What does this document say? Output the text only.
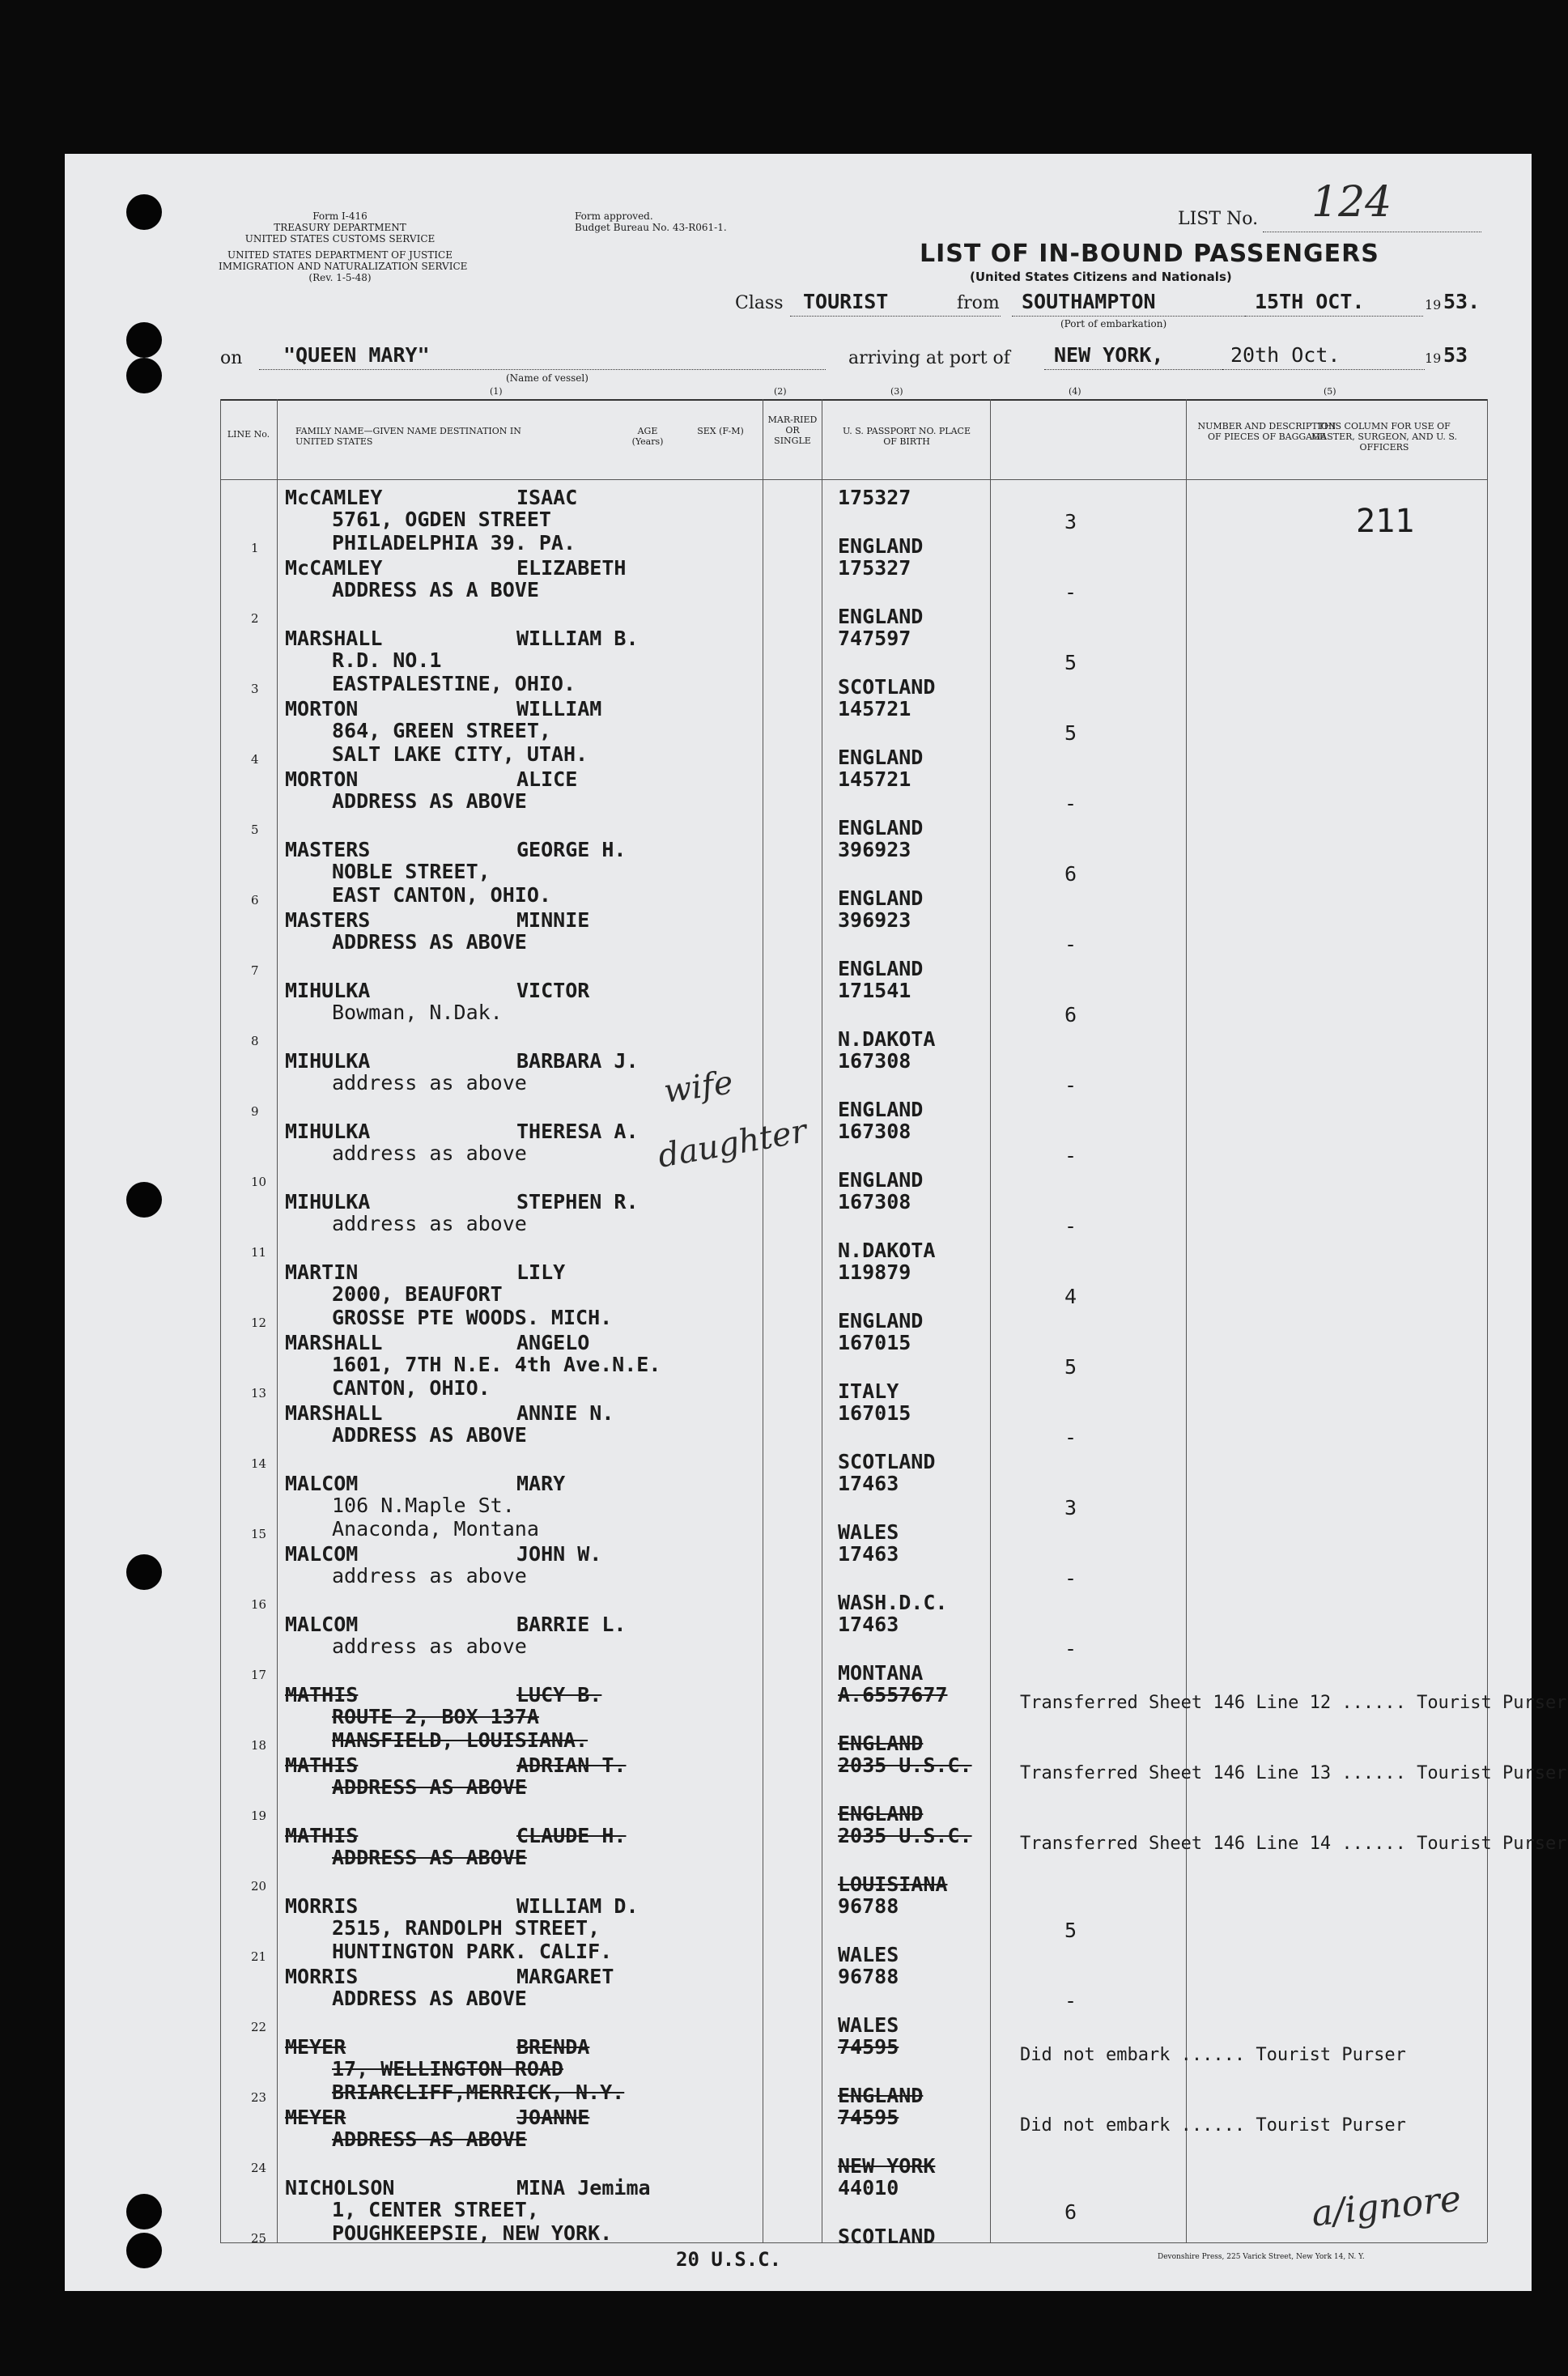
Form I-416
TREASURY DEPARTMENT
UNITED STATES CUSTOMS SERVICE
UNITED STATES DEPARTMENT OF JUSTICE
IMMIGRATION AND NATURALIZATION SERVICE
(Rev. 1-5-48)
Form approved.
Budget Bureau No. 43-R061-1.	LIST No. 124
LIST OF IN-BOUND PASSENGERS
(United States Citizens and Nationals)
Class TOURIST	from SOUTHAMPTON
(Port of embarkation)
15TH OCT.	19 53.
on "QUEEN MARY"
(Name of vessel)
arriving at port of NEW YORK,	20th Oct.	19 53
(1)	(2)	(3)	(4)	(5)
LINE No.	FAMILY NAME—GIVEN NAME DESTINATION IN UNITED STATES
AGE (Years)
SEX (F-M)
MAR-RIED OR SINGLE
U. S. PASSPORT NO. PLACE OF BIRTH
NUMBER AND DESCRIPTION OF PIECES OF BAGGAGE
THIS COLUMN FOR USE OF MASTER, SURGEON, AND U. S. OFFICERS
1
McCAMLEY	ISAAC
5761, OGDEN STREET
PHILADELPHIA 39. PA.
175327
ENGLAND
3	211
2
McCAMLEY	ELIZABETH
ADDRESS AS A BOVE
175327
ENGLAND
-
3
MARSHALL	WILLIAM B.
R.D. NO.1
EASTPALESTINE, OHIO.
747597
SCOTLAND
5
4
MORTON	WILLIAM
864, GREEN STREET,
SALT LAKE CITY, UTAH.
145721
ENGLAND
5
5
MORTON	ALICE
ADDRESS AS ABOVE
145721
ENGLAND
-
6
MASTERS	GEORGE H.
NOBLE STREET,
EAST CANTON, OHIO.
396923
ENGLAND
6
7
MASTERS	MINNIE
ADDRESS AS ABOVE
396923
ENGLAND
-
8
MIHULKA	VICTOR
Bowman, N.Dak.
171541
N.DAKOTA
6
9
MIHULKA	BARBARA J.
address as above
167308
ENGLAND
-
10
MIHULKA	THERESA A.
address as above
167308
ENGLAND
-
11
MIHULKA	STEPHEN R.
address as above
167308
N.DAKOTA
-
12
MARTIN	LILY
2000, BEAUFORT
GROSSE PTE WOODS. MICH.
119879
ENGLAND
4
13
MARSHALL	ANGELO
1601, 7TH N.E. 4th Ave.N.E.
CANTON, OHIO.
167015
ITALY
5
14
MARSHALL	ANNIE N.
ADDRESS AS ABOVE
167015
SCOTLAND
-
15
MALCOM	MARY
106 N.Maple St.
Anaconda, Montana
17463
WALES
3
16
MALCOM	JOHN W.
address as above
17463
WASH.D.C.
-
17
MALCOM	BARRIE L.
address as above
17463
MONTANA
-
18
MATHIS	LUCY B.
ROUTE 2, BOX 137A
MANSFIELD, LOUISIANA.
A.6557677
ENGLAND
Transferred Sheet 146 Line 12 ...... Tourist Purser
19
MATHIS	ADRIAN T.
ADDRESS AS ABOVE
2035 U.S.C.
ENGLAND
Transferred Sheet 146 Line 13 ...... Tourist Purser
20
MATHIS	CLAUDE H.
ADDRESS AS ABOVE
2035 U.S.C.
LOUISIANA
Transferred Sheet 146 Line 14 ...... Tourist Purser
21
MORRIS	WILLIAM D.
2515, RANDOLPH STREET,
HUNTINGTON PARK. CALIF.
96788
WALES
5
22
MORRIS	MARGARET
ADDRESS AS ABOVE
96788
WALES
-
23
MEYER	BRENDA
17, WELLINGTON ROAD
BRIARCLIFF,MERRICK, N.Y.
74595
ENGLAND
Did not embark ...... Tourist Purser
24
MEYER	JOANNE
ADDRESS AS ABOVE
74595
NEW YORK
Did not embark ...... Tourist Purser
25
NICHOLSON	MINA Jemima
1, CENTER STREET,
POUGHKEEPSIE, NEW YORK.
44010
SCOTLAND
6
wife
daughter
a/ignore
20 U.S.C.	Devonshire Press, 225 Varick Street, New York 14, N. Y.
